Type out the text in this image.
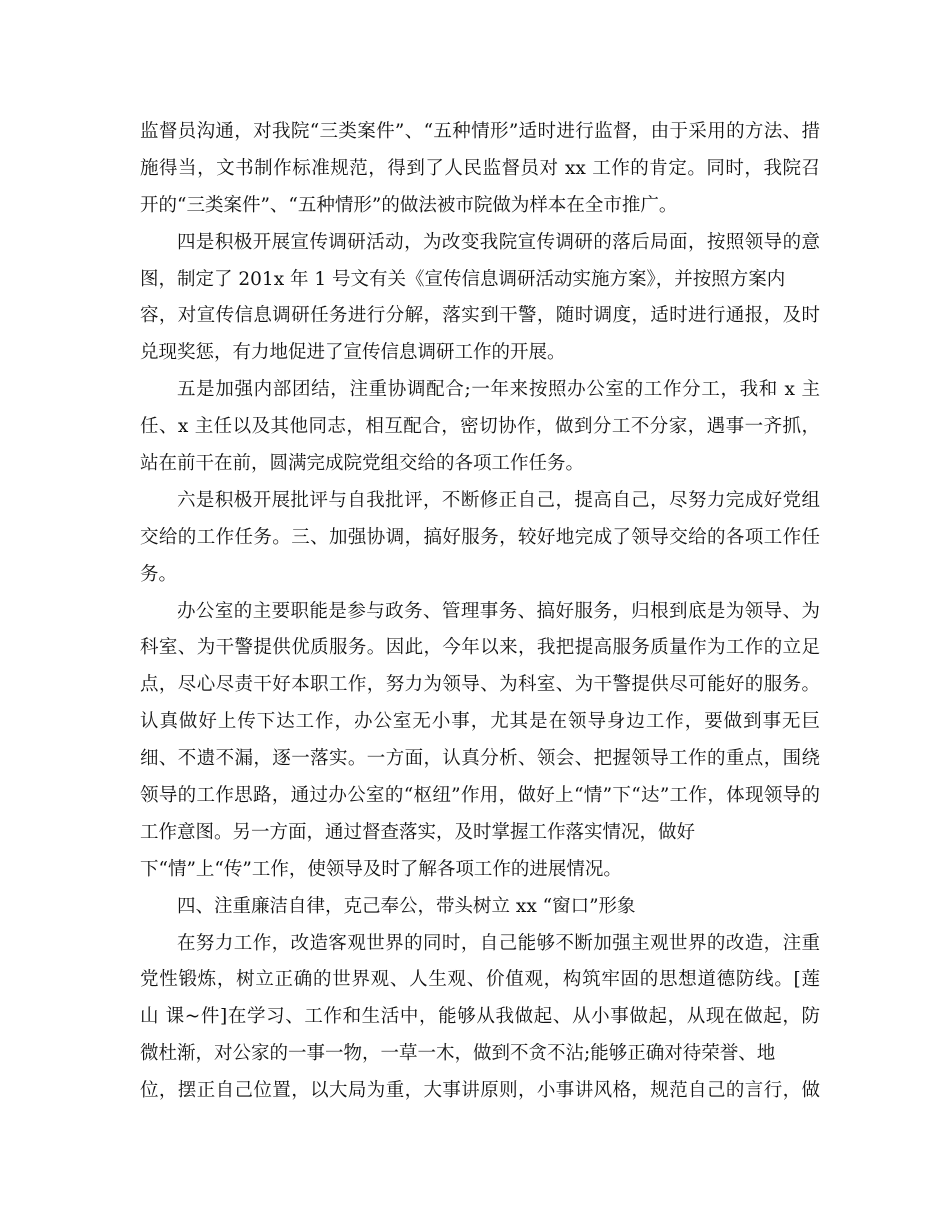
监督员沟通，对我院“三类案件”、“五种情形”适时进行监督，由于采用的方法、措
施得当，文书制作标准规范，得到了人民监督员对 xx 工作的肯定。同时，我院召
开的“三类案件”、“五种情形”的做法被市院做为样本在全市推广。
四是积极开展宣传调研活动，为改变我院宣传调研的落后局面，按照领导的意
图，制定了 201x 年 1 号文有关《宣传信息调研活动实施方案》，并按照方案内
容，对宣传信息调研任务进行分解，落实到干警，随时调度，适时进行通报，及时
兑现奖惩，有力地促进了宣传信息调研工作的开展。
五是加强内部团结，注重协调配合;一年来按照办公室的工作分工，我和 x 主
任、x 主任以及其他同志，相互配合，密切协作，做到分工不分家，遇事一齐抓，
站在前干在前，圆满完成院党组交给的各项工作任务。
六是积极开展批评与自我批评，不断修正自己，提高自己，尽努力完成好党组
交给的工作任务。三、加强协调，搞好服务，较好地完成了领导交给的各项工作任
务。
办公室的主要职能是参与政务、管理事务、搞好服务，归根到底是为领导、为
科室、为干警提供优质服务。因此，今年以来，我把提高服务质量作为工作的立足
点，尽心尽责干好本职工作，努力为领导、为科室、为干警提供尽可能好的服务。
认真做好上传下达工作，办公室无小事，尤其是在领导身边工作，要做到事无巨
细、不遗不漏，逐一落实。一方面，认真分析、领会、把握领导工作的重点，围绕
领导的工作思路，通过办公室的“枢纽”作用，做好上“情”下“达”工作，体现领导的
工作意图。另一方面，通过督查落实，及时掌握工作落实情况，做好
下“情”上“传”工作，使领导及时了解各项工作的进展情况。
四、注重廉洁自律，克己奉公，带头树立 xx “窗口”形象
在努力工作，改造客观世界的同时，自己能够不断加强主观世界的改造，注重
党性锻炼，树立正确的世界观、人生观、价值观，构筑牢固的思想道德防线。[莲
山 课~件]在学习、工作和生活中，能够从我做起、从小事做起，从现在做起，防
微杜渐，对公家的一事一物，一草一木，做到不贪不沾;能够正确对待荣誉、地
位，摆正自己位置，以大局为重，大事讲原则，小事讲风格，规范自己的言行，做
